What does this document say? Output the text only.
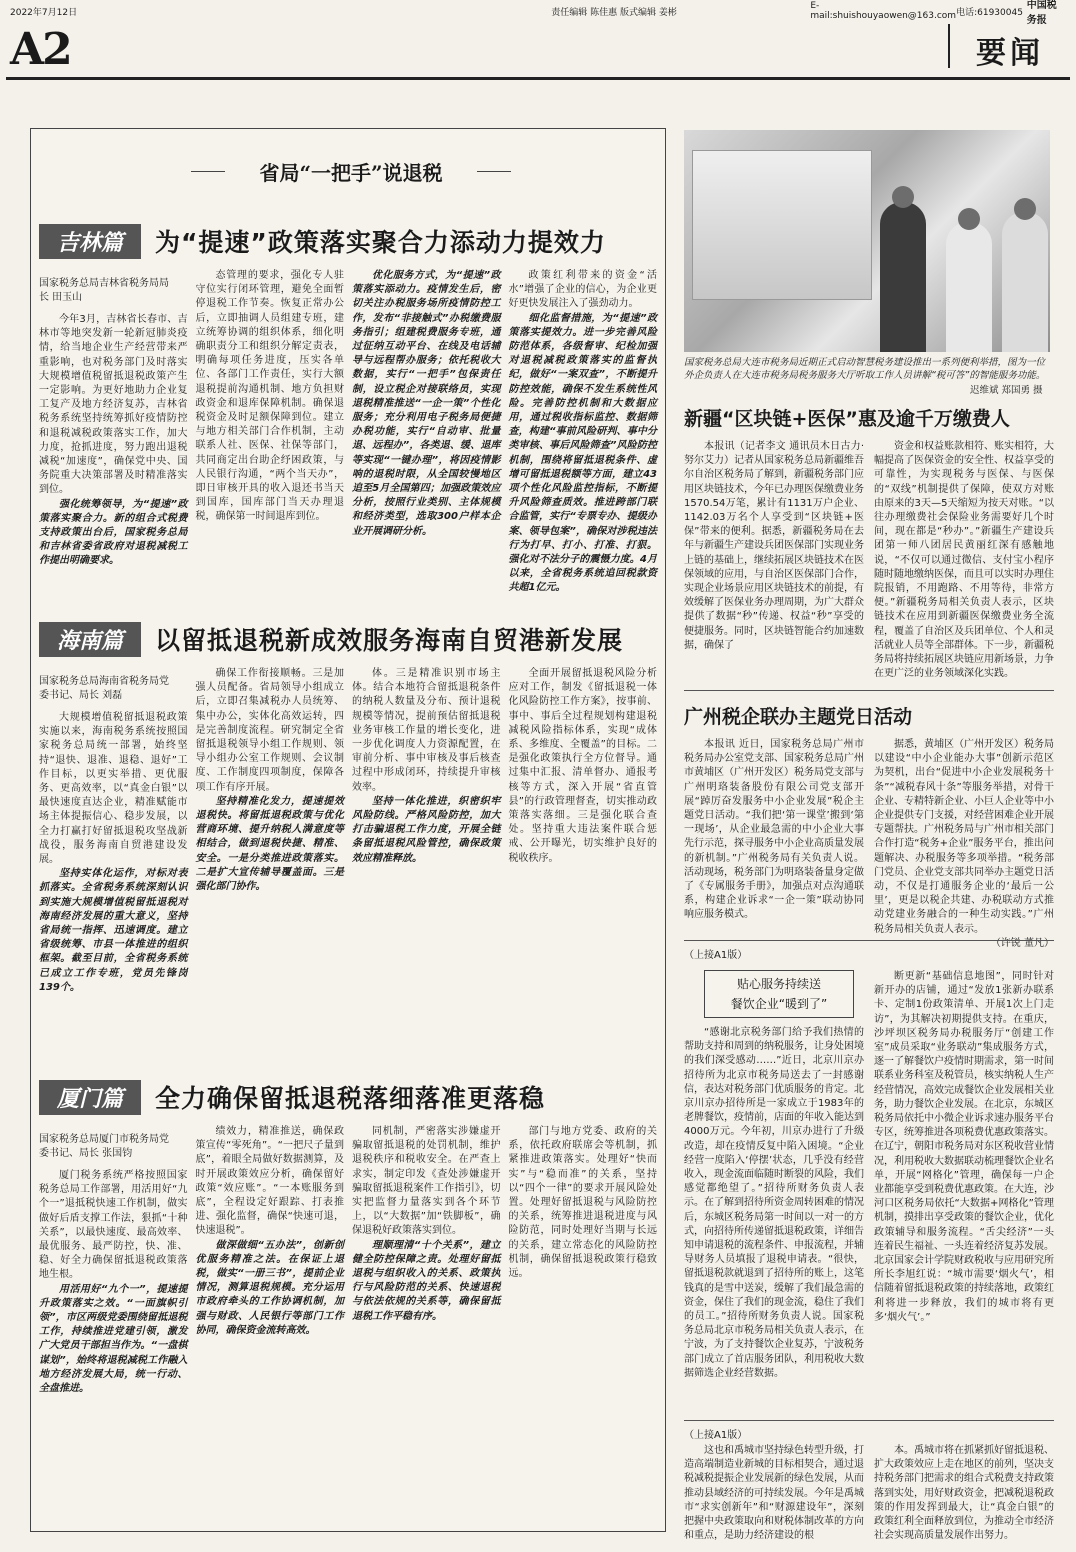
2022年7月12日	责任编辑 陈佳惠 版式编辑 姜彬
E-mail:shuishouyaowen@163.com 电话:61930045
中国税务报
A2	要闻
省局“一把手”说退税
吉林篇	为“提速”政策落实聚合力添动力提效力
国家税务总局吉林省税务局局长 田玉山

今年3月，吉林省长春市、吉林市等地突发新一轮新冠肺炎疫情，给当地企业生产经营带来严重影响，也对税务部门及时落实大规模增值税留抵退税政策产生一定影响。为更好地助力企业复工复产及地方经济复苏，吉林省税务系统坚持统筹抓好疫情防控和退税减税政策落实工作，加大力度，抢抓进度，努力跑出退税减税“加速度”，确保党中央、国务院重大决策部署及时精准落实到位。

强化统筹领导，为“提速”政策落实聚合力。新的组合式税费支持政策出台后，国家税务总局和吉林省委省政府对退税减税工作提出明确要求。

态管理的要求，强化专人驻守位实行闭环管理，避免全面暂停退税工作节奏。恢复正常办公后，立即抽调人员组建专班，建立统筹协调的组织体系，细化明确职责分工和组织分解定责表，明确每项任务进度，压实各单位、各部门工作责任，实行大额退税提前沟通机制、地方负担财政资金和退库保障机制。确保退税资金及时足额保障到位。建立与地方相关部门合作机制，主动联系人社、医保、社保等部门，共同商定出台助企纾困政策，与人民银行沟通，“两个当天办”，即日审核开具的收入退还书当天到国库，国库部门当天办理退税，确保第一时间退库到位。

优化服务方式，为“提速”政策落实添动力。疫情发生后，密切关注办税服务场所疫情防控工作，发布“非接触式”办税缴费服务指引；组建税费服务专班，通过征纳互动平台、在线及电话辅导与远程帮办服务；依托税收大数据，实行“一把手”包保责任制，设立税企对接联络员，实现退税精准推送“一企一策”个性化服务；充分利用电子税务局便捷办税功能，实行“自动审、批量退、远程办”，各类退、缓、退库等实现“一键办理”，将因疫情影响的退税时限，从全国较慢地区追至5月全国第四；加强政策效应分析，按照行业类别、主体规模和经济类型，选取300户样本企业开展调研分析。

政策红利带来的资金“活水”增强了企业的信心，为企业更好更快发展注入了强劲动力。

细化监督措施，为“提速”政策落实提效力。进一步完善风险防范体系，各级督审、纪检加强对退税减税政策落实的监督执纪，做好“一案双查”，不断提升防控效能，确保不发生系统性风险。完善防控机制和大数据应用，通过税收指标监控、数据筛查，构建“事前风险研判、事中分类审核、事后风险筛查”风险防控机制，围绕将留抵退税条件、虚增可留抵退税额等方面，建立43项个性化风险监控指标，不断提升风险筛查质效。推进跨部门联合监管，实行“专票专办、提级办案、领导包案”，确保对涉税违法行为打早、打小、打准、打狠。强化对不法分子的震慑力度。4月以来，全省税务系统追回税款资共超1亿元。

海南篇	以留抵退税新成效服务海南自贸港新发展
国家税务总局海南省税务局党委书记、局长 刘磊

大规模增值税留抵退税政策实施以来，海南税务系统按照国家税务总局统一部署，始终坚持“退快、退准、退稳、退好”工作目标，以更实举措、更优服务、更高效率，以“真金白银”以最快速度直达企业，精准赋能市场主体提振信心、稳步发展，以全力打赢打好留抵退税攻坚战新战役，服务海南自贸港建设发展。

坚持实体化运作，对标对表抓落实。全省税务系统深刻认识到实施大规模增值税留抵退税对海南经济发展的重大意义，坚持省局统一指挥、迅速调度。建立省级统筹、市县一体推进的组织框架。截至目前，全省税务系统已成立工作专班，党员先锋岗139个。

确保工作衔接顺畅。三是加强人员配备。省局领导小组成立后，立即召集减税办人员统筹、集中办公，实体化高效运转，四是完善制度流程。研究制定全省留抵退税领导小组工作规则、领导小组办公室工作规则、会议制度、工作制度四项制度，保障各项工作有序开展。

坚持精准化发力，提速提效退税快。将留抵退税政策与优化营商环境、提升纳税人满意度等相结合，做到退税快捷、精准、安全。一是分类推进政策落实。二是扩大宣传辅导覆盖面。三是强化部门协作。

体。三是精准识别市场主体。结合本地符合留抵退税条件的纳税人数量及分布、预计退税规模等情况，提前预估留抵退税业务审核工作量的增长变化，进一步优化调度人力资源配置，在审前分析、事中审核及事后核查过程中形成闭环，持续提升审核效率。

坚持一体化推进，织密织牢风险防线。严格风险防控，加大打击骗退税工作力度，开展全链条留抵退税风险管控，确保政策效应精准释放。

全面开展留抵退税风险分析应对工作，制发《留抵退税一体化风险防控工作方案》，按事前、事中、事后全过程规划构建退税减税风险指标体系，实现“成体系、多维度、全覆盖”的目标。二是强化政策执行全方位督导。通过集中汇报、清单督办、通报考核等方式，深入开展“省直管县”的行政管理督查，切实推动政策落实落细。三是强化联合查处。坚持重大违法案件联合惩戒、公开曝光，切实维护良好的税收秩序。

厦门篇	全力确保留抵退税落细落准更落稳
国家税务总局厦门市税务局党委书记、局长 张国钧

厦门税务系统严格按照国家税务总局工作部署，用活用好“九个一”退抵税快速工作机制，做实做好后盾支撑工作法，狠抓“十种关系”，以最快速度、最高效率、最优服务、最严防控，快、准、稳、好全力确保留抵退税政策落地生根。

用活用好“九个一”，提速提升政策落实之效。“一面旗帜引领”，市区两级党委围绕留抵退税工作，持续推进党建引领，激发广大党员干部担当作为。“一盘棋谋划”，始终将退税减税工作融入地方经济发展大局，统一行动、全盘推进。

绩效力，精准推送，确保政策宣传“零死角”。“一把尺子量到底”，着眼全局做好数据测算，及时开展政策效应分析，确保留好政策“效应账”。“一本账服务到底”，全程设定好跟踪、打表推进、强化监督，确保“快速可退，快速退税”。

做深做细“五办法”，创新创优服务精准之法。在保证上退税，做实“一册三书”，提前企业情况，测算退税规模。充分运用市政府牵头的工作协调机制，加强与财政、人民银行等部门工作协同，确保资金流转高效。

同机制，严密落实涉嫌虚开骗取留抵退税的处罚机制，维护退税秩序和税收安全。在严查上求实，制定印发《查处涉嫌虚开骗取留抵退税案件工作指引》，切实把监督力量落实到各个环节上，以“大数据”加“铁脚板”，确保退税好政策落实到位。

理顺理清“十个关系”，建立健全防控保障之责。处理好留抵退税与组织收入的关系、政策执行与风险防范的关系、快速退税与依法依规的关系等，确保留抵退税工作平稳有序。

部门与地方党委、政府的关系，依托政府联席会等机制，抓紧推进政策落实。处理好“快而实”与“稳而准”的关系，坚持以“四个一律”的要求开展风险处置。处理好留抵退税与风险防控的关系，统筹推进退税进度与风险防范，同时处理好当期与长远的关系，建立常态化的风险防控机制，确保留抵退税政策行稳致远。

国家税务总局大连市税务局近期正式启动智慧税务建设推出一系列便利举措，图为一位外企负责人在大连市税务局税务服务大厅听取工作人员讲解“税可答”的智能服务功能。
迟维斌 郑国勇 摄
新疆“区块链+医保”惠及逾千万缴费人

本报讯（记者李文 通讯员木日古力·努尔艾力）记者从国家税务总局新疆维吾尔自治区税务局了解到，新疆税务部门应用区块链技术，今年已办理医保缴费业务1570.54万笔，累计有1131万户企业、1142.03万名个人享受到“区块链+医保”带来的便利。据悉，新疆税务局在去年与新疆生产建设兵团医保部门实现业务上链的基础上，继续拓展区块链技术在医保领域的应用，与自治区医保部门合作，实现企业场景应用区块链技术的前提，有效缓解了医保业务办理周期，为广大群众提供了数据“秒”传递、权益“秒”享受的便捷服务。同时，区块链智能合约加速数据，确保了

资金和权益账款相符、账实相符，大幅提高了医保资金的安全性、权益享受的可靠性，为实现税务与医保、与医保的“双线”机制提供了保障，使双方对账由原来的3天—5天缩短为按天对账。“以往办理缴费社会保险业务需要好几个时间，现在都是“秒办”。”新疆生产建设兵团第一师八团居民黄丽红深有感触地说，“不仅可以通过微信、支付宝小程序随时随地缴纳医保，而且可以实时办理住院报销，不用跑路、不用等待，非常方便。”新疆税务局相关负责人表示，区块链技术在应用到新疆医保缴费业务全流程，覆盖了自治区及兵团单位、个人和灵活就业人员等全部群体。下一步，新疆税务局将持续拓展区块链应用新场景，力争在更广泛的业务领域深化实践。

广州税企联办主题党日活动

本报讯 近日，国家税务总局广州市税务局办公室党支部、国家税务总局广州市黄埔区（广州开发区）税务局党支部与广州明珞装备股份有限公司党支部开展“踔厉奋发服务中小企业发展”税企主题党日活动。“我们把‘第一课堂’搬到‘第一现场’，从企业最急需的中小企业大事先行示范，探寻服务中小企业高质量发展的新机制。”广州税务局有关负责人说。活动现场，税务部门为明珞装备量身定做了《专属服务手册》，加强点对点沟通联系，构建企业诉求“一企一策”联动协同响应服务模式。

据悉，黄埔区（广州开发区）税务局以建设“中小企业能办大事”创新示范区为契机，出台“促进中小企业发展税务十条”“减税春风十条”等服务举措，对骨干企业、专精特新企业、小巨人企业等中小企业提供专门支援，对经营困难企业开展专题帮扶。广州税务局与广州市相关部门合作打造“税务+企业”服务平台，推出问题解决、办税服务等多项举措。“税务部门党员、企业党支部共同举办主题党日活动，不仅是打通服务企业的‘最后一公里’，更是以税企共建、办税联动方式推动党建业务融合的一种生动实践。”广州税务局相关负责人表示。

（许锐 董凡）
（上接A1版）
贴心服务持续送
餐饮企业“暖到了”

“感谢北京税务部门给予我们热情的帮助支持和周到的纳税服务，让身处困境的我们深受感动……”近日，北京川京办招待所为北京市税务局送去了一封感谢信，表达对税务部门优质服务的肯定。北京川京办招待所是一家成立于1983年的老牌餐饮，疫情前，店面的年收入能达到4000万元。今年初，川京办进行了升级改造，却在疫情反复中陷入困境。“企业经营一度陷入‘停摆’状态，几乎没有经营收入，现金流面临随时断裂的风险，我们感觉都绝望了。”招待所财务负责人表示。在了解到招待所资金周转困难的情况后，东城区税务局第一时间以一对一的方式，向招待所传递留抵退税政策，详细告知申请退税的流程条件、申报流程，并辅导财务人员填报了退税申请表。“很快，留抵退税款就退到了招待所的账上，这笔钱真的是雪中送炭，缓解了我们最急需的资金，保住了我们的现金流，稳住了我们的员工。”招待所财务负责人说。国家税务总局北京市税务局相关负责人表示，在宁波，为了支持餐饮企业复苏，宁波税务部门成立了首店服务团队，利用税收大数据筛选企业经营数据。

断更新“基础信息地图”，同时针对新开办的店铺，通过“发放1张新办联系卡、定制1份政策清单、开展1次上门走访”，为其解决初期提供支持。在重庆，沙坪坝区税务局办税服务厅“创建工作室”成员采取“业务联动”集成服务方式，逐一了解餐饮户疫情时期需求，第一时间联系业务科室及税管员，核实纳税人生产经营情况，高效完成餐饮企业发展相关业务，助力餐饮企业发展。在北京，东城区税务局依托中小微企业诉求速办服务平台专区，统筹推进各项税费优惠政策落实。在辽宁，朝阳市税务局对东区税收营业情况，利用税收大数据联动梳理餐饮企业名单，开展“网格化”管理，确保每一户企业都能享受到税费优惠政策。在大连，沙河口区税务局依托“大数据+网格化”管理机制，摸排出享受政策的餐饮企业，优化政策辅导和服务流程。“舌尖经济”一头连着民生福祉、一头连着经济复苏发展。北京国家会计学院财政税收与应用研究所所长李旭红说：“城市需要‘烟火气’，相信随着留抵退税政策的持续落地，政策红利将进一步释放，我们的城市将有更多‘烟火气’。”

（上接A1版）

这也和禹城市坚持绿色转型升级，打造高端制造业新城的目标相契合，通过退税减税提振企业发展新的绿色发展，从而推动县域经济的可持续发展。今年是禹城市“求实创新年”和“财源建设年”，深刻把握中央政策取向和财税体制改革的方向和重点，是助力经济建设的根

本。禹城市将在抓紧抓好留抵退税、扩大政策效应上走在地区的前列，坚决支持税务部门把需求的组合式税费支持政策落到实处，用好财政资金，把减税退税政策的作用发挥到最大，让“真金白银”的政策红利全面释放到位，为推动全市经济社会实现高质量发展作出努力。
